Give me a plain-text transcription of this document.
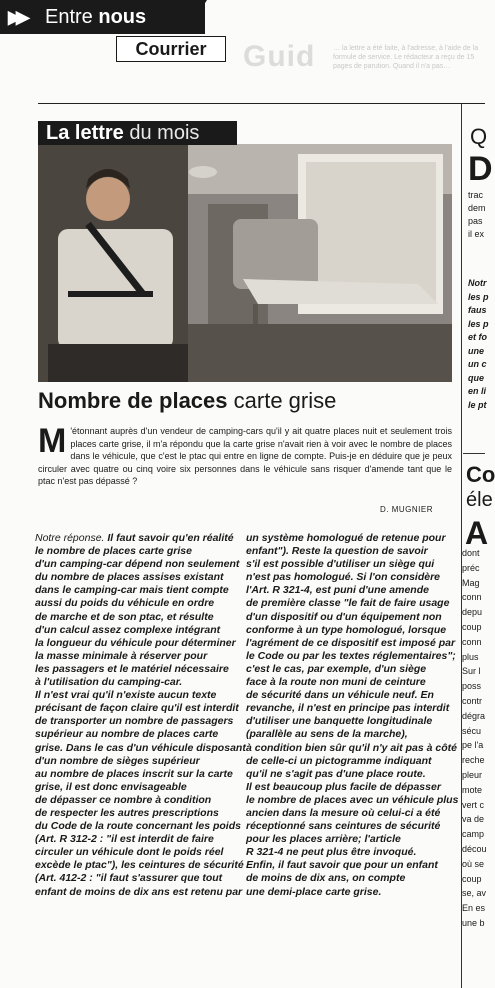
▶▶ Entre nous
Courrier	Guid	… la lettre a été faite, à l'adresse, à l'aide de la formule de service. Le rédacteur a reçu de 15 pages de parution. Quand il n'a pas…
La lettre du mois
Nombre de places carte grise
M 'étonnant auprès d'un vendeur de camping-cars qu'il y ait quatre places nuit et seulement trois places carte grise, il m'a répondu que la carte grise n'avait rien à voir avec le nombre de places dans le véhicule, que c'est le ptac qui entre en ligne de compte. Puis-je en déduire que je peux circuler avec quatre ou cinq voire six personnes dans le véhicule sans risquer d'amende tant que le ptac n'est pas dépassé ?
D. MUGNIER
Notre réponse. Il faut savoir qu'en réalité
le nombre de places carte grise
d'un camping-car dépend non seulement
du nombre de places assises existant
dans le camping-car mais tient compte
aussi du poids du véhicule en ordre
de marche et de son ptac, et résulte
d'un calcul assez complexe intégrant
la longueur du véhicule pour déterminer
la masse minimale à réserver pour
les passagers et le matériel nécessaire
à l'utilisation du camping-car.
Il n'est vrai qu'il n'existe aucun texte
précisant de façon claire qu'il est interdit
de transporter un nombre de passagers
supérieur au nombre de places carte
grise. Dans le cas d'un véhicule disposant
d'un nombre de sièges supérieur
au nombre de places inscrit sur la carte
grise, il est donc envisageable
de dépasser ce nombre à condition
de respecter les autres prescriptions
du Code de la route concernant les poids
(Art. R 312-2 : "il est interdit de faire
circuler un véhicule dont le poids réel
excède le ptac"), les ceintures de sécurité
(Art. 412-2 : "il faut s'assurer que tout
enfant de moins de dix ans est retenu par
un système homologué de retenue pour
enfant"). Reste la question de savoir
s'il est possible d'utiliser un siège qui
n'est pas homologué. Si l'on considère
l'Art. R 321-4, est puni d'une amende
de première classe "le fait de faire usage
d'un dispositif ou d'un équipement non
conforme à un type homologué, lorsque
l'agrément de ce dispositif est imposé par
le Code ou par les textes réglementaires";
c'est le cas, par exemple, d'un siège
face à la route non muni de ceinture
de sécurité dans un véhicule neuf. En
revanche, il n'est en principe pas interdit
d'utiliser une banquette longitudinale
(parallèle au sens de la marche),
à condition bien sûr qu'il n'y ait pas à côté
de celle-ci un pictogramme indiquant
qu'il ne s'agit pas d'une place route.
Il est beaucoup plus facile de dépasser
le nombre de places avec un véhicule plus
ancien dans la mesure où celui-ci a été
réceptionné sans ceintures de sécurité
pour les places arrière; l'article
R 321-4 ne peut plus être invoqué.
Enfin, il faut savoir que pour un enfant
de moins de dix ans, on compte
une demi-place carte grise.
Q
D
trac
dem
pas
il ex
Notr
les p
faus
les p
et fo
une
un c
que
en li
le pt
Co
éle
A
dont
préc
Mag
conn
depu
coup
conn
plus
Sur l
poss
contr
dégra
sécu
pe l'a
reche
pleur
mote
vert c
va de
camp
décou
où se
coup
se, av
En es
une b
